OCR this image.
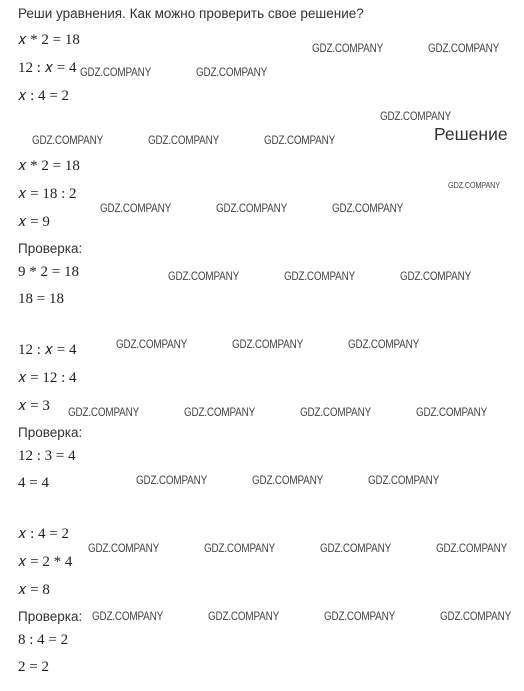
Реши уравнения. Как можно проверить свое решение?
𝑥 * 2 = 18
12 : 𝑥 = 4
𝑥 : 4 = 2
Решение
𝑥 * 2 = 18
𝑥 = 18 : 2
𝑥 = 9
Проверка:
9 * 2 = 18
18 = 18
12 : 𝑥 = 4
𝑥 = 12 : 4
𝑥 = 3
Проверка:
12 : 3 = 4
4 = 4
𝑥 : 4 = 2
𝑥 = 2 * 4
𝑥 = 8
Проверка:
8 : 4 = 2
2 = 2
GDZ.COMPANY	GDZ.COMPANY
GDZ.COMPANY	GDZ.COMPANY
GDZ.COMPANY
GDZ.COMPANY	GDZ.COMPANY	GDZ.COMPANY
GDZ.COMPANY
GDZ.COMPANY	GDZ.COMPANY	GDZ.COMPANY
GDZ.COMPANY	GDZ.COMPANY	GDZ.COMPANY
GDZ.COMPANY	GDZ.COMPANY	GDZ.COMPANY
GDZ.COMPANY	GDZ.COMPANY	GDZ.COMPANY	GDZ.COMPANY
GDZ.COMPANY	GDZ.COMPANY	GDZ.COMPANY
GDZ.COMPANY	GDZ.COMPANY	GDZ.COMPANY	GDZ.COMPANY
GDZ.COMPANY	GDZ.COMPANY	GDZ.COMPANY	GDZ.COMPANY
